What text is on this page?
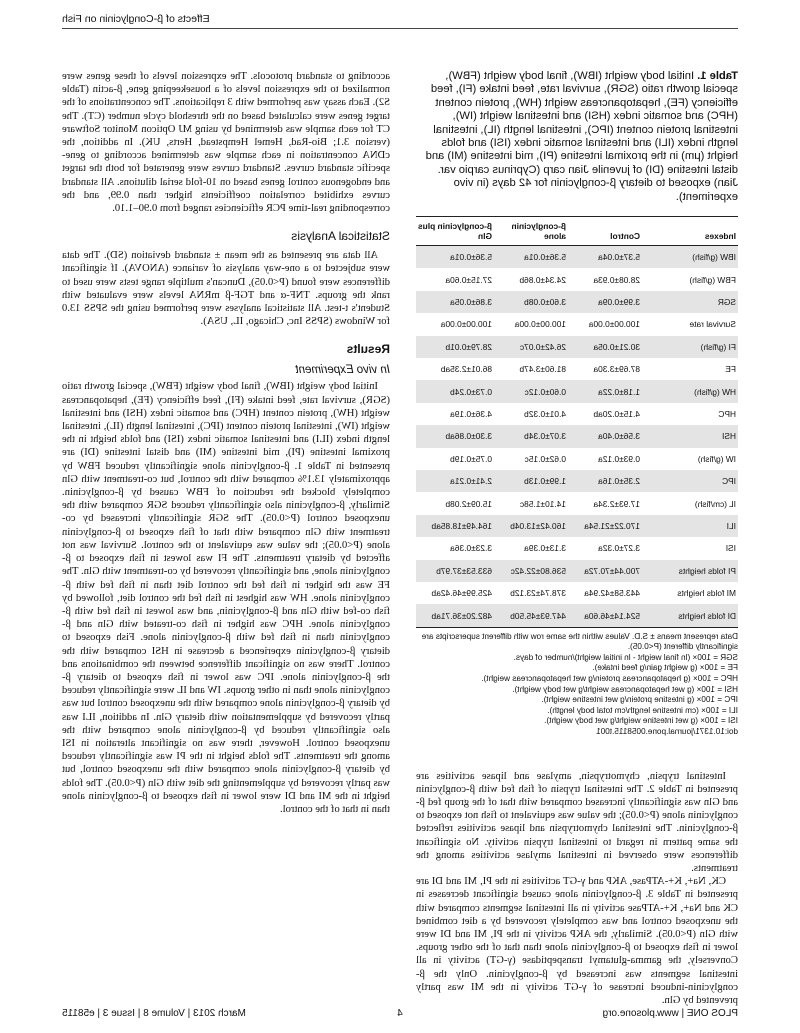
Effects of β-Conglycinin on Fish

according to standard protocols. The expression levels of these genes were normalized to the expression levels of a housekeeping gene, β-actin (Table S2). Each assay was performed with 3 replications. The concentrations of the target genes were calculated based on the threshold cycle number (CT). The CT for each sample was determined by using MJ Opticon Monitor Software (version 3.1; Bio-Rad, Hemel Hempstead, Herts, UK). In addition, the cDNA concentration in each sample was determined according to gene-specific standard curves. Standard curves were generated for both the target and endogenous control genes based on 10-fold serial dilutions. All standard curves exhibited correlation coefficients higher than 0.99, and the corresponding real-time PCR efficiencies ranged from 0.90–1.10.

Statistical Analysis

All data are presented as the mean ± standard deviation (SD). The data were subjected to a one-way analysis of variance (ANOVA). If significant differences were found (P<0.05), Duncan's multiple range tests were used to rank the groups. TNF-α and TGF-β mRNA levels were evaluated with Student's t-test. All statistical analyses were performed using the SPSS 13.0 for Windows (SPSS Inc, Chicago, IL, USA).

Results
In vivo Experiment

Initial body weight (IBW), final body weight (FBW), special growth ratio (SGR), survival rate, feed intake (FI), feed efficiency (FE), hepatopancreas weight (HW), protein content (HPC) and somatic index (HSI) and intestinal weight (IW), intestinal protein content (IPC), intestinal length (IL), intestinal length index (ILI) and intestinal somatic index (ISI) and folds height in the proximal intestine (PI), mid intestine (MI) and distal intestine (DI) are presented in Table 1. β-conglycinin alone significantly reduced FBW by approximately 13.1% compared with the control, but co-treatment with Gln completely blocked the reduction of FBW caused by β-conglycinin. Similarly, β-conglycinin also significantly reduced SGR compared with the unexposed control (P<0.05). The SGR significantly increased by co-treatment with Gln compared with that of fish exposed to β-conglycinin alone (P<0.05); the value was equivalent to the control. Survival was not affected by dietary treatments. The FI was lowest in fish exposed to β-conglycinin alone, and significantly recovered by co-treatment with Gln. The FE was the higher in fish fed the control diet than in fish fed with β-conglycinin alone. HW was highest in fish fed the control diet, followed by fish co-fed with Gln and β-conglycinin, and was lowest in fish fed with β-conglycinin alone. HPC was higher in fish co-treated with Gln and β-conglycinin than in fish fed with β-conglycinin alone. Fish exposed to dietary β-conglycinin experienced a decrease in HSI compared with the control. There was no significant difference between the combinations and the β-conglycinin alone. IPC was lower in fish exposed to dietary β-conglycinin alone than in other groups. IW and IL were significantly reduced by dietary β-conglycinin alone compared with the unexposed control but was partly recovered by supplementation with dietary Gln. In addition, ILI was also significantly reduced by β-conglycinin alone compared with the unexposed control. However, there was no significant alteration in ISI among the treatments. The folds height in the PI was significantly reduced by dietary β-conglycinin alone compared with the unexposed control, but was partly recovered by supplementing the diet with Gln (P<0.05). The folds height in the MI and DI were lower in fish exposed to β-conglycinin alone than in that of the control.

Table 1. Initial body weight (IBW), final body weight (FBW), special growth ratio (SGR), survival rate, feed intake (FI), feed efficiency (FE), hepatopancreas weight (HW), protein content (HPC) and somatic index (HSI) and intestinal weight (IW), intestinal protein content (IPC), intestinal length (IL), intestinal length index (ILI) and intestinal somatic index (ISI) and folds height (μm) in the proximal intestine (PI), mid intestine (MI) and distal intestine (DI) of juvenile Jian carp (Cyprinus carpio var. Jian) exposed to dietary β-conglycinin for 42 days (in vivo experiment).

Indexes	Control	β-conglycinin alone	β-conglycinin plus Gln
IBW (g/fish)	5.37±0.04a	5.36±0.01a	5.36±0.01a
FBW (g/fish)	28.08±0.93a	24.34±0.86b	27.15±0.60a
SGR	3.99±0.09a	3.60±0.08b	3.86±0.05a
Survival rate	100.00±0.00a	100.00±0.00a	100.00±0.00a
FI (g/fish)	30.21±0.05a	26.42±0.07c	28.79±0.01b
FE	87.69±3.30a	81.60±3.47b	86.01±2.35ab
HW (g/fish)	1.18±0.22a	0.60±0.12c	0.73±0.24b
HPC	4.15±0.20ab	4.01±0.32b	4.36±0.19a
HSI	3.56±0.40a	3.07±0.34b	3.30±0.86ab
IW (g/fish)	0.93±0.12a	0.62±0.15c	0.75±0.19b
IPC	2.35±0.16a	1.99±0.13b	2.41±0.21a
IL (cm/fish)	17.93±2.34a	14.10±1.58c	15.09±2.08b
ILI	170.22±21.54a	160.42±13.04b	164.49±18.85ab
ISI	3.27±0.32a	3.13±0.39a	3.23±0.36a
PI folds heights	700.44±70.72a	536.80±22.42c	633.53±37.97b
MI folds heights	443.58±42.94a	378.74±23.12b	425.99±46.42ab
DI folds heights	524.14±46.60a	447.93±45.50b	482.20±36.71ab
Data represent means ± S.D. Values within the same row with different superscripts are significantly different (P<0.05).
SGR = 100× (ln final weight - ln initial weight)/number of days.
FE = 100× (g weight gain/g feed intake).
HPC = 100× (g hepatopancreas protein/g wet hepatopancreas weight).
HSI = 100× (g wet hepatopancreas weight/g wet body weight).
IPC = 100× (g intestine protein/g wet intestine weight).
ILI = 100× (cm intestine length/cm total body length).
ISI = 100× (g wet intestine weight/g wet body weight).
doi:10.1371/journal.pone.0058115.t001

Intestinal trypsin, chymotrypsin, amylase and lipase activities are presented in Table 2. The intestinal trypsin of fish fed with β-conglycinin and Gln was significantly increased compared with that of the group fed β-conglycinin alone (P<0.05); the value was equivalent to fish not exposed to β-conglycinin. The intestinal chymotrypsin and lipase activities reflected the same pattern in regard to intestinal trypsin activity. No significant differences were observed in intestinal amylase activities among the treatments.

CK, Na+, K+-ATPase, AKP and γ-GT activities in the PI, MI and DI are presented in Table 3. β-conglycinin alone caused significant decreases in CK and Na+, K+-ATPase activity in all intestinal segments compared with the unexposed control and was completely recovered by a diet combined with Gln (P<0.05). Similarly, the AKP activity in the PI, MI and DI were lower in fish exposed to β-conglycinin alone than that of the other groups. Conversely, the gamma-glutamyl transpeptidase (γ-GT) activity in all intestinal segments was increased by β-conglycinin. Only the β-conglycinin-induced increase of γ-GT activity in the MI was partly prevented by Gln.

PLOS ONE | www.plosone.org
4
March 2013 | Volume 8 | Issue 3 | e58115
